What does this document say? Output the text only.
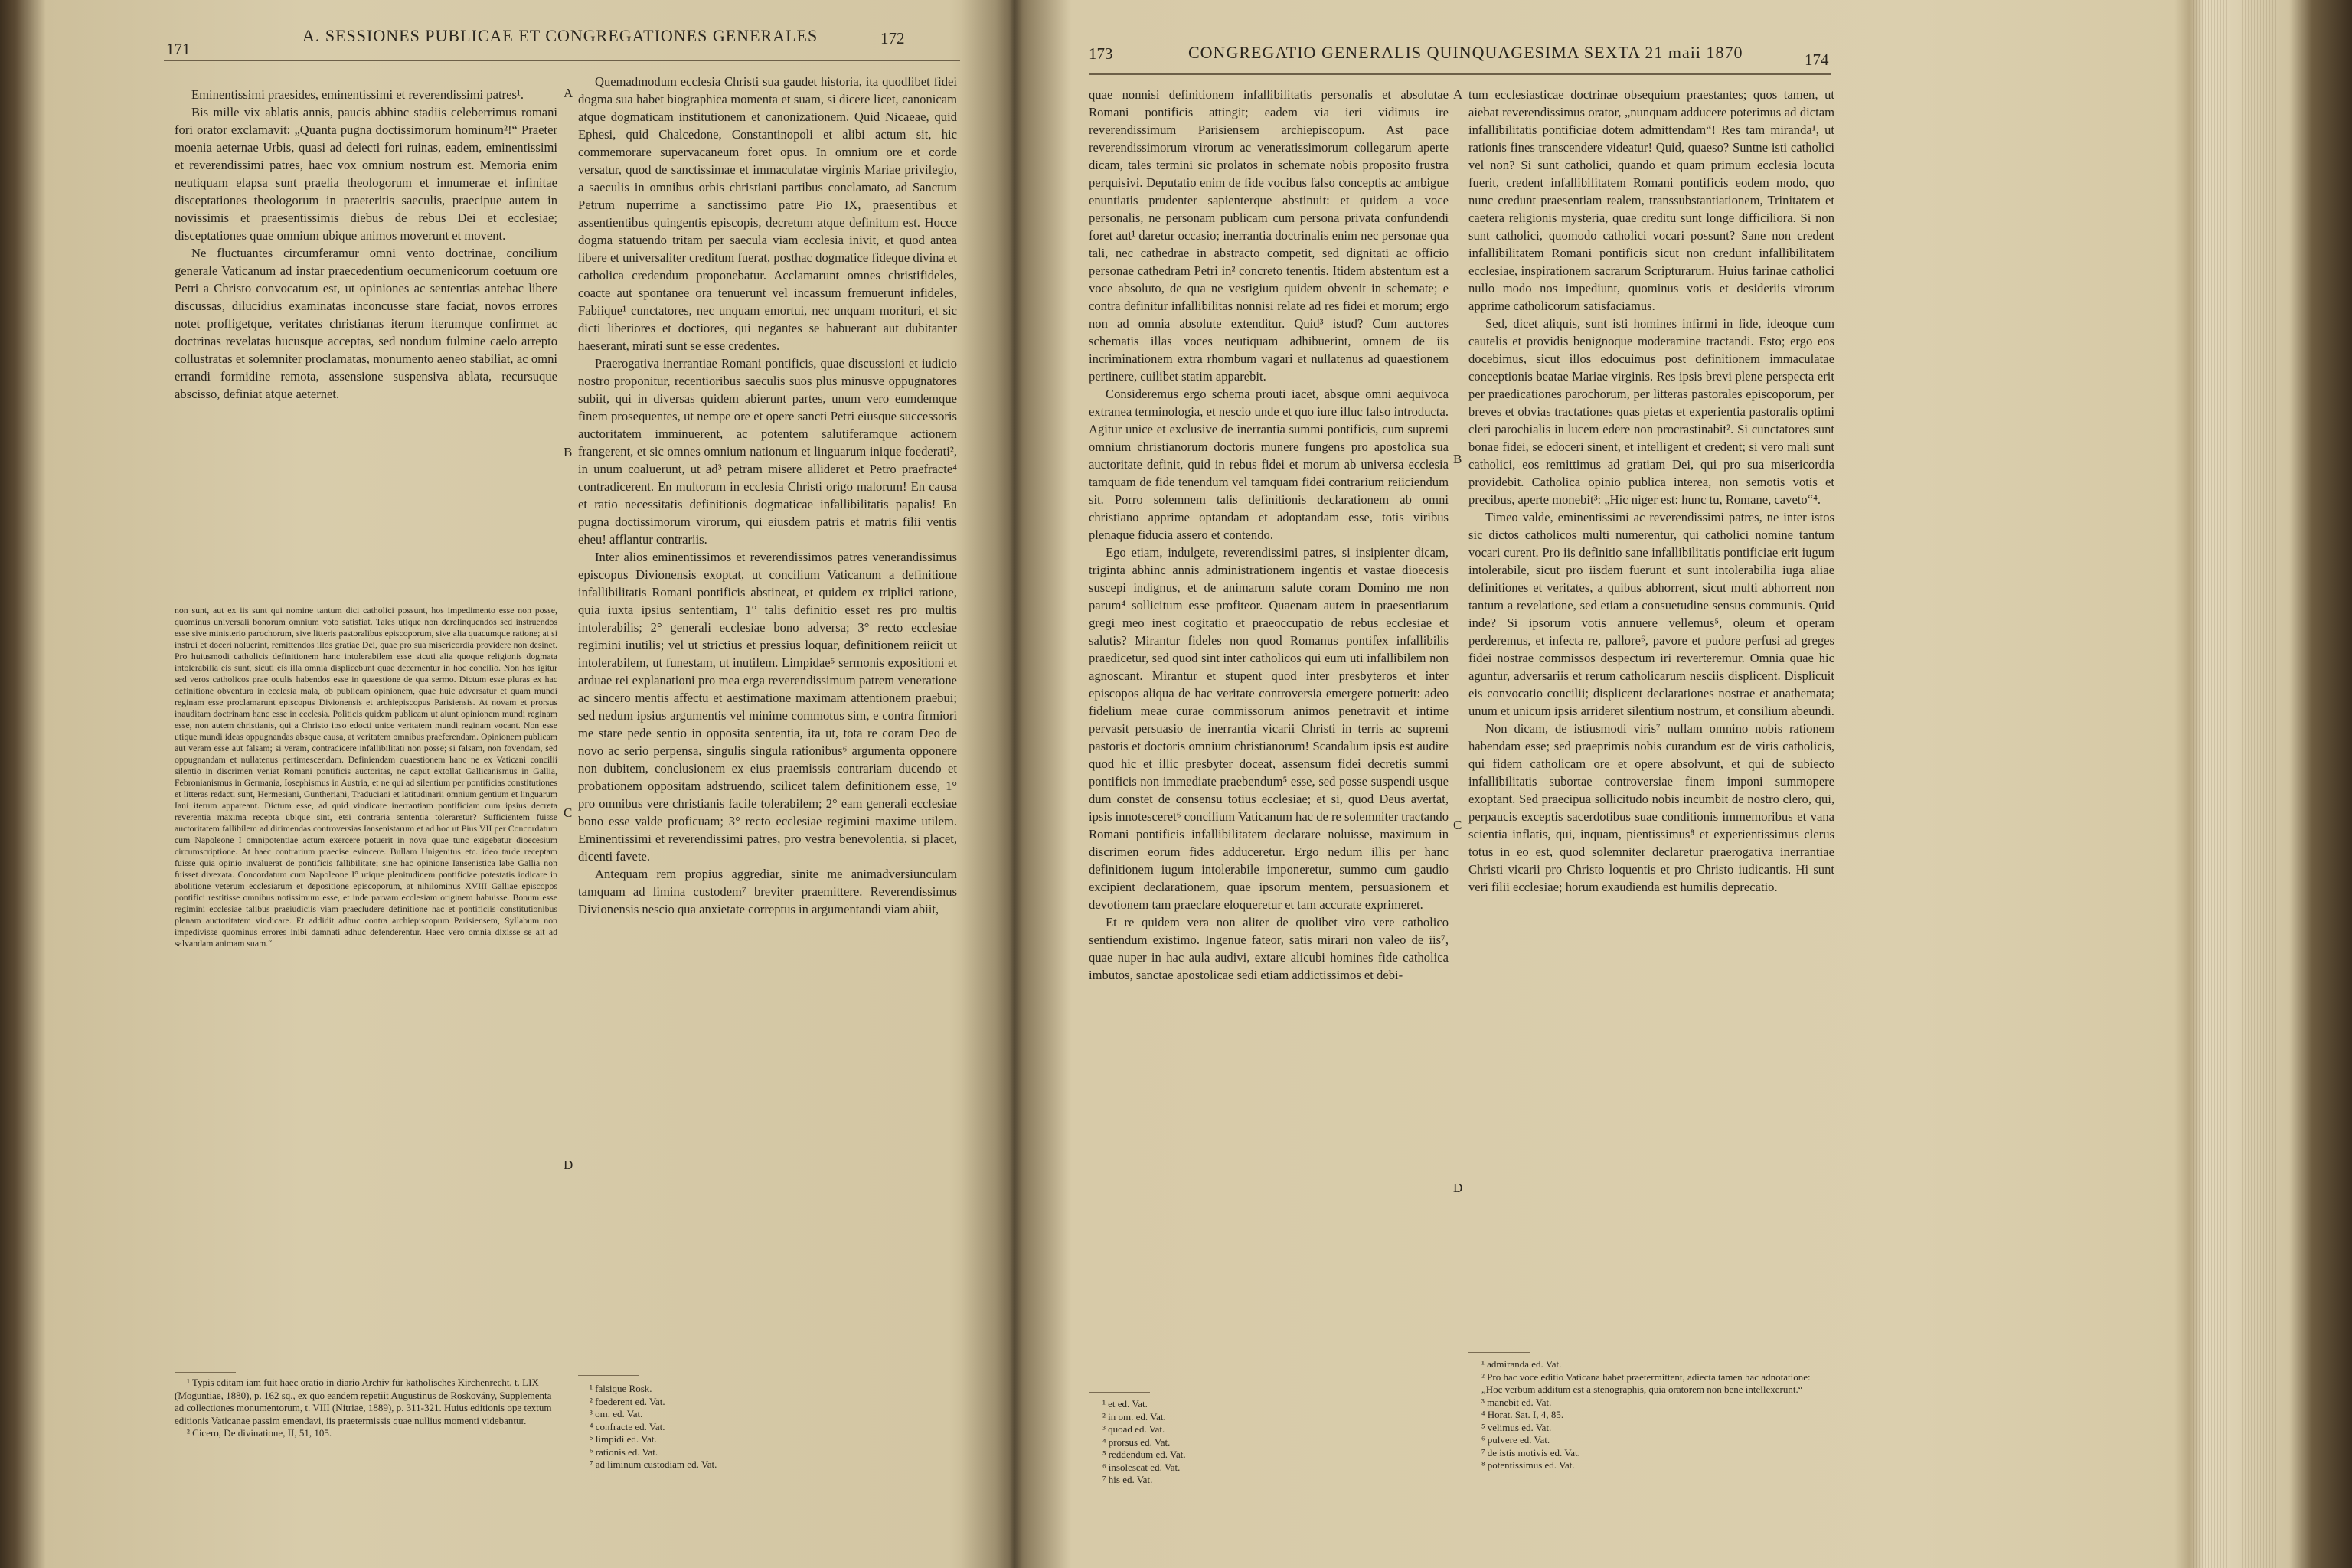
171
A. SESSIONES PUBLICAE ET CONGREGATIONES GENERALES	172

Eminentissimi praesides, eminentissimi et reverendissimi patres¹.

Bis mille vix ablatis annis, paucis abhinc stadiis celeberrimus romani fori orator exclamavit: „Quanta pugna doctissimorum hominum²!“ Praeter moenia aeternae Urbis, quasi ad deiecti fori ruinas, eadem, eminentissimi et reverendissimi patres, haec vox omnium nostrum est. Memoria enim neutiquam elapsa sunt praelia theologorum et innumerae et infinitae disceptationes theologorum in praeteritis saeculis, praecipue autem in novissimis et praesentissimis diebus de rebus Dei et ecclesiae; disceptationes quae omnium ubique animos moverunt et movent.

Ne fluctuantes circumferamur omni vento doctrinae, concilium generale Vaticanum ad instar praecedentium oecumenicorum coetuum ore Petri a Christo convocatum est, ut opiniones ac sententias antehac libere discussas, dilucidius examinatas inconcusse stare faciat, novos errores notet profligetque, veritates christianas iterum iterumque confirmet ac doctrinas revelatas hucusque acceptas, sed nondum fulmine caelo arrepto collustratas et solemniter proclamatas, monumento aeneo stabiliat, ac omni errandi formidine remota, assensione suspensiva ablata, recursuque abscisso, definiat atque aeternet.

non sunt, aut ex iis sunt qui nomine tantum dici catholici possunt, hos impedimento esse non posse, quominus universali bonorum omnium voto satisfiat. Tales utique non derelinquendos sed instruendos esse sive ministerio parochorum, sive litteris pastoralibus episcoporum, sive alia quacumque ratione; at si instrui et doceri noluerint, remittendos illos gratiae Dei, quae pro sua misericordia providere non desinet. Pro huiusmodi catholicis definitionem hanc intolerabilem esse sicuti alia quoque religionis dogmata intolerabilia eis sunt, sicuti eis illa omnia displicebunt quae decernentur in hoc concilio. Non hos igitur sed veros catholicos prae oculis habendos esse in quaestione de qua sermo. Dictum esse pluras ex hac definitione obventura in ecclesia mala, ob publicam opinionem, quae huic adversatur et quam mundi reginam esse proclamarunt episcopus Divionensis et archiepiscopus Parisiensis. At novam et prorsus inauditam doctrinam hanc esse in ecclesia. Politicis quidem publicam ut aiunt opinionem mundi reginam esse, non autem christianis, qui a Christo ipso edocti unice veritatem mundi reginam vocant. Non esse utique mundi ideas oppugnandas absque causa, at veritatem omnibus praeferendam. Opinionem publicam aut veram esse aut falsam; si veram, contradicere infallibilitati non posse; si falsam, non fovendam, sed oppugnandam et nullatenus pertimescendam. Definiendam quaestionem hanc ne ex Vaticani concilii silentio in discrimen veniat Romani pontificis auctoritas, ne caput extollat Gallicanismus in Gallia, Febronianismus in Germania, Iosephismus in Austria, et ne qui ad silentium per pontificias constitutiones et litteras redacti sunt, Hermesiani, Guntheriani, Traduciani et latitudinarii omnium gentium et linguarum Iani iterum appareant. Dictum esse, ad quid vindicare inerrantiam pontificiam cum ipsius decreta reverentia maxima recepta ubique sint, etsi contraria sententia toleraretur? Sufficientem fuisse auctoritatem fallibilem ad dirimendas controversias Iansenistarum et ad hoc ut Pius VII per Concordatum cum Napoleone I omnipotentiae actum exercere potuerit in nova quae tunc exigebatur dioecesium circumscriptione. At haec contrarium praecise evincere. Bullam Unigenitus etc. ideo tarde receptam fuisse quia opinio invaluerat de pontificis fallibilitate; sine hac opinione Iansenistica labe Gallia non fuisset divexata. Concordatum cum Napoleone I° utique plenitudinem pontificiae potestatis indicare in abolitione veterum ecclesiarum et depositione episcoporum, at nihilominus XVIII Galliae episcopos pontifici restitisse omnibus notissimum esse, et inde parvam ecclesiam originem habuisse. Bonum esse regimini ecclesiae talibus praeiudiciis viam praecludere definitione hac et pontificiis constitutionibus plenam auctoritatem vindicare. Et addidit adhuc contra archiepiscopum Parisiensem, Syllabum non impedivisse quominus errores inibi damnati adhuc defenderentur. Haec vero omnia dixisse se ait ad salvandam animam suam.“
¹ Typis editam iam fuit haec oratio in diario Archiv für katholisches Kirchenrecht, t. LIX (Moguntiae, 1880), p. 162 sq., ex quo eandem repetiit Augustinus de Roskovány, Supplementa ad collectiones monumentorum, t. VIII (Nitriae, 1889), p. 311-321. Huius editionis ope textum editionis Vaticanae passim emendavi, iis praetermissis quae nullius momenti videbantur.
² Cicero, De divinatione, II, 51, 105.
A
B
C
D

Quemadmodum ecclesia Christi sua gaudet historia, ita quodlibet fidei dogma sua habet biographica momenta et suam, si dicere licet, canonicam atque dogmaticam institutionem et canonizationem. Quid Nicaeae, quid Ephesi, quid Chalcedone, Constantinopoli et alibi actum sit, hic commemorare supervacaneum foret opus. In omnium ore et corde versatur, quod de sanctissimae et immaculatae virginis Mariae privilegio, a saeculis in omnibus orbis christiani partibus conclamato, ad Sanctum Petrum nuperrime a sanctissimo patre Pio IX, praesentibus et assentientibus quingentis episcopis, decretum atque definitum est. Hocce dogma statuendo tritam per saecula viam ecclesia inivit, et quod antea libere et universaliter creditum fuerat, posthac dogmatice fideque divina et catholica credendum proponebatur. Acclamarunt omnes christifideles, coacte aut spontanee ora tenuerunt vel incassum fremuerunt infideles, Fabiique¹ cunctatores, nec unquam emortui, nec unquam morituri, et sic dicti liberiores et doctiores, qui negantes se habuerant aut dubitanter haeserant, mirati sunt se esse credentes.

Praerogativa inerrantiae Romani pontificis, quae discussioni et iudicio nostro proponitur, recentioribus saeculis suos plus minusve oppugnatores subiit, qui in diversas quidem abierunt partes, unum vero eumdemque finem prosequentes, ut nempe ore et opere sancti Petri eiusque successoris auctoritatem imminuerent, ac potentem salutiferamque actionem frangerent, et sic omnes omnium nationum et linguarum inique foederati², in unum coaluerunt, ut ad³ petram misere allideret et Petro praefracte⁴ contradicerent. En multorum in ecclesia Christi origo malorum! En causa et ratio necessitatis definitionis dogmaticae infallibilitatis papalis! En pugna doctissimorum virorum, qui eiusdem patris et matris filii ventis eheu! afflantur contrariis.

Inter alios eminentissimos et reverendissimos patres venerandissimus episcopus Divionensis exoptat, ut concilium Vaticanum a definitione infallibilitatis Romani pontificis abstineat, et quidem ex triplici ratione, quia iuxta ipsius sententiam, 1° talis definitio esset res pro multis intolerabilis; 2° generali ecclesiae bono adversa; 3° recto ecclesiae regimini inutilis; vel ut strictius et pressius loquar, definitionem reiicit ut intolerabilem, ut funestam, ut inutilem. Limpidae⁵ sermonis expositioni et arduae rei explanationi pro mea erga reverendissimum patrem veneratione ac sincero mentis affectu et aestimatione maximam attentionem praebui; sed nedum ipsius argumentis vel minime commotus sim, e contra firmiori me stare pede sentio in opposita sententia, ita ut, tota re coram Deo de novo ac serio perpensa, singulis singula rationibus⁶ argumenta opponere non dubitem, conclusionem ex eius praemissis contrariam ducendo et probationem oppositam adstruendo, scilicet talem definitionem esse, 1° pro omnibus vere christianis facile tolerabilem; 2° eam generali ecclesiae bono esse valde proficuam; 3° recto ecclesiae regimini maxime utilem. Eminentissimi et reverendissimi patres, pro vestra benevolentia, si placet, dicenti favete.

Antequam rem propius aggrediar, sinite me animadversiunculam tamquam ad limina custodem⁷ breviter praemittere. Reverendissimus Divionensis nescio qua anxietate correptus in argumentandi viam abiit,

¹ falsique Rosk.
² foederent ed. Vat.
³ om. ed. Vat.
⁴ confracte ed. Vat.
⁵ limpidi ed. Vat.
⁶ rationis ed. Vat.
⁷ ad liminum custodiam ed. Vat.
173	CONGREGATIO GENERALIS QUINQUAGESIMA SEXTA 21 maii 1870	174

quae nonnisi definitionem infallibilitatis personalis et absolutae Romani pontificis attingit; eadem via ieri vidimus ire reverendissimum Parisiensem archiepiscopum. Ast pace reverendissimorum virorum ac veneratissimorum collegarum aperte dicam, tales termini sic prolatos in schemate nobis proposito frustra perquisivi. Deputatio enim de fide vocibus falso conceptis ac ambigue enuntiatis prudenter sapienterque abstinuit: et quidem a voce personalis, ne personam publicam cum persona privata confundendi foret aut¹ daretur occasio; inerrantia doctrinalis enim nec personae qua tali, nec cathedrae in abstracto competit, sed dignitati ac officio personae cathedram Petri in² concreto tenentis. Itidem abstentum est a voce absoluto, de qua ne vestigium quidem obvenit in schemate; e contra definitur infallibilitas nonnisi relate ad res fidei et morum; ergo non ad omnia absolute extenditur. Quid³ istud? Cum auctores schematis illas voces neutiquam adhibuerint, omnem de iis incriminationem extra rhombum vagari et nullatenus ad quaestionem pertinere, cuilibet statim apparebit.

Consideremus ergo schema prouti iacet, absque omni aequivoca extranea terminologia, et nescio unde et quo iure illuc falso introducta. Agitur unice et exclusive de inerrantia summi pontificis, cum supremi omnium christianorum doctoris munere fungens pro apostolica sua auctoritate definit, quid in rebus fidei et morum ab universa ecclesia tamquam de fide tenendum vel tamquam fidei contrarium reiiciendum sit. Porro solemnem talis definitionis declarationem ab omni christiano apprime optandam et adoptandam esse, totis viribus plenaque fiducia assero et contendo.

Ego etiam, indulgete, reverendissimi patres, si insipienter dicam, triginta abhinc annis administrationem ingentis et vastae dioecesis suscepi indignus, et de animarum salute coram Domino me non parum⁴ sollicitum esse profiteor. Quaenam autem in praesentiarum gregi meo inest cogitatio et praeoccupatio de rebus ecclesiae et salutis? Mirantur fideles non quod Romanus pontifex infallibilis praedicetur, sed quod sint inter catholicos qui eum uti infallibilem non agnoscant. Mirantur et stupent quod inter presbyteros et inter episcopos aliqua de hac veritate controversia emergere potuerit: adeo fidelium meae curae commissorum animos penetravit et intime pervasit persuasio de inerrantia vicarii Christi in terris ac supremi pastoris et doctoris omnium christianorum! Scandalum ipsis est audire quod hic et illic presbyter doceat, assensum fidei decretis summi pontificis non immediate praebendum⁵ esse, sed posse suspendi usque dum constet de consensu totius ecclesiae; et si, quod Deus avertat, ipsis innotesceret⁶ concilium Vaticanum hac de re solemniter tractando Romani pontificis infallibilitatem declarare noluisse, maximum in discrimen eorum fides adduceretur. Ergo nedum illis per hanc definitionem iugum intolerabile imponeretur, summo cum gaudio excipient declarationem, quae ipsorum mentem, persuasionem et devotionem tam praeclare eloqueretur et tam accurate exprimeret.

Et re quidem vera non aliter de quolibet viro vere catholico sentiendum existimo. Ingenue fateor, satis mirari non valeo de iis⁷, quae nuper in hac aula audivi, extare alicubi homines fide catholica imbutos, sanctae apostolicae sedi etiam addictissimos et debi-

¹ et ed. Vat.
² in om. ed. Vat.
³ quoad ed. Vat.
⁴ prorsus ed. Vat.
⁵ reddendum ed. Vat.
⁶ insolescat ed. Vat.
⁷ his ed. Vat.
A
B
C
D

tum ecclesiasticae doctrinae obsequium praestantes; quos tamen, ut aiebat reverendissimus orator, „nunquam adducere poterimus ad dictam infallibilitatis pontificiae dotem admittendam“! Res tam miranda¹, ut rationis fines transcendere videatur! Quid, quaeso? Suntne isti catholici vel non? Si sunt catholici, quando et quam primum ecclesia locuta fuerit, credent infallibilitatem Romani pontificis eodem modo, quo nunc credunt praesentiam realem, transsubstantiationem, Trinitatem et caetera religionis mysteria, quae creditu sunt longe difficiliora. Si non sunt catholici, quomodo catholici vocari possunt? Sane non credent infallibilitatem Romani pontificis sicut non credunt infallibilitatem ecclesiae, inspirationem sacrarum Scripturarum. Huius farinae catholici nullo modo nos impediunt, quominus votis et desideriis virorum apprime catholicorum satisfaciamus.

Sed, dicet aliquis, sunt isti homines infirmi in fide, ideoque cum cautelis et providis benignoque moderamine tractandi. Esto; ergo eos docebimus, sicut illos edocuimus post definitionem immaculatae conceptionis beatae Mariae virginis. Res ipsis brevi plene perspecta erit per praedicationes parochorum, per litteras pastorales episcoporum, per breves et obvias tractationes quas pietas et experientia pastoralis optimi cleri parochialis in lucem edere non procrastinabit². Si cunctatores sunt bonae fidei, se edoceri sinent, et intelligent et credent; si vero mali sunt catholici, eos remittimus ad gratiam Dei, qui pro sua misericordia providebit. Catholica opinio publica interea, non semotis votis et precibus, aperte monebit³: „Hic niger est: hunc tu, Romane, caveto“⁴.

Timeo valde, eminentissimi ac reverendissimi patres, ne inter istos sic dictos catholicos multi numerentur, qui catholici nomine tantum vocari curent. Pro iis definitio sane infallibilitatis pontificiae erit iugum intolerabile, sicut pro iisdem fuerunt et sunt intolerabilia iuga aliae definitiones et veritates, a quibus abhorrent, sicut multi abhorrent non tantum a revelatione, sed etiam a consuetudine sensus communis. Quid inde? Si ipsorum votis annuere vellemus⁵, oleum et operam perderemus, et infecta re, pallore⁶, pavore et pudore perfusi ad greges fidei nostrae commissos despectum iri reverteremur. Omnia quae hic aguntur, adversariis et rerum catholicarum nesciis displicent. Displicuit eis convocatio concilii; displicent declarationes nostrae et anathemata; unum et unicum ipsis arrideret silentium nostrum, et consilium abeundi.

Non dicam, de istiusmodi viris⁷ nullam omnino nobis rationem habendam esse; sed praeprimis nobis curandum est de viris catholicis, qui fidem catholicam ore et opere absolvunt, et qui de subiecto infallibilitatis subortae controversiae finem imponi summopere exoptant. Sed praecipua sollicitudo nobis incumbit de nostro clero, qui, perpaucis exceptis sacerdotibus suae conditionis immemoribus et vana scientia inflatis, qui, inquam, pientissimus⁸ et experientissimus clerus totus in eo est, quod solemniter declaretur praerogativa inerrantiae Christi vicarii pro Christo loquentis et pro Christo iudicantis. Hi sunt veri filii ecclesiae; horum exaudienda est humilis deprecatio.

¹ admiranda ed. Vat.
² Pro hac voce editio Vaticana habet praetermittent, adiecta tamen hac adnotatione: „Hoc verbum additum est a stenographis, quia oratorem non bene intellexerunt.“
³ manebit ed. Vat.
⁴ Horat. Sat. I, 4, 85.
⁵ velimus ed. Vat.
⁶ pulvere ed. Vat.
⁷ de istis motivis ed. Vat.
⁸ potentissimus ed. Vat.
